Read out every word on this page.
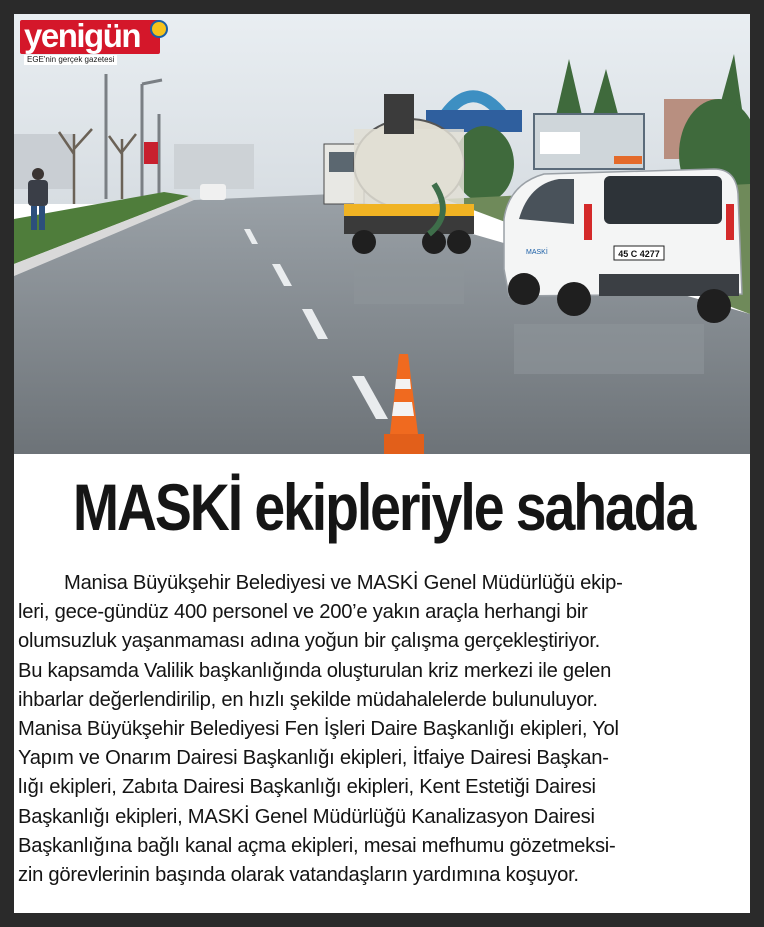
45 C 4277
MASKİ
yenigün
EGE'nin gerçek gazetesi
MASKİ ekipleriyle sahada
Manisa Büyükşehir Belediyesi ve MASKİ Genel Müdürlüğü ekip-
leri, gece-gündüz 400 personel ve 200’e yakın araçla herhangi bir
olumsuzluk yaşanmaması adına yoğun bir çalışma gerçekleştiriyor.
Bu kapsamda Valilik başkanlığında oluşturulan kriz merkezi ile gelen
ihbarlar değerlendirilip, en hızlı şekilde müdahalelerde bulunuluyor.
Manisa Büyükşehir Belediyesi Fen İşleri Daire Başkanlığı ekipleri, Yol
Yapım ve Onarım Dairesi Başkanlığı ekipleri, İtfaiye Dairesi Başkan-
lığı ekipleri, Zabıta Dairesi Başkanlığı ekipleri, Kent Estetiği Dairesi
Başkanlığı ekipleri, MASKİ Genel Müdürlüğü Kanalizasyon Dairesi
Başkanlığına bağlı kanal açma ekipleri, mesai mefhumu gözetmeksi-
zin görevlerinin başında olarak vatandaşların yardımına koşuyor.
